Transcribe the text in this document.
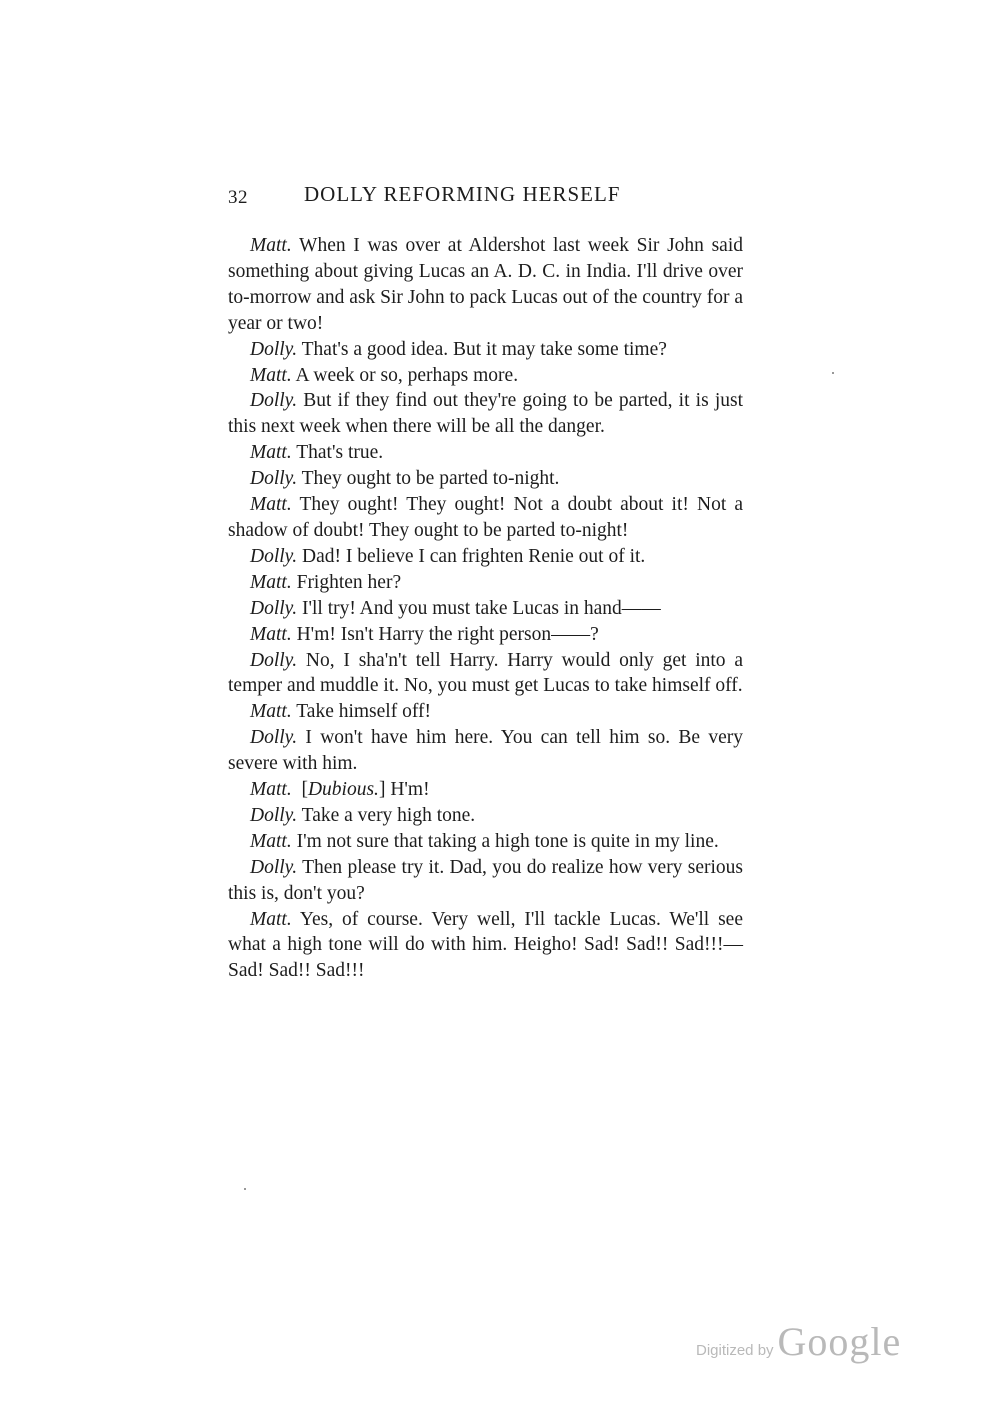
32	DOLLY REFORMING HERSELF

Matt. When I was over at Aldershot last week Sir John said something about giving Lucas an A. D. C. in India. I'll drive over to-morrow and ask Sir John to pack Lucas out of the country for a year or two!

Dolly. That's a good idea. But it may take some time?

Matt. A week or so, perhaps more.

Dolly. But if they find out they're going to be parted, it is just this next week when there will be all the danger.

Matt. That's true.

Dolly. They ought to be parted to-night.

Matt. They ought! They ought! Not a doubt about it! Not a shadow of doubt! They ought to be parted to-night!

Dolly. Dad! I believe I can frighten Renie out of it.

Matt. Frighten her?

Dolly. I'll try! And you must take Lucas in hand——

Matt. H'm! Isn't Harry the right person——?

Dolly. No, I sha'n't tell Harry. Harry would only get into a temper and muddle it. No, you must get Lucas to take himself off.

Matt. Take himself off!

Dolly. I won't have him here. You can tell him so. Be very severe with him.

Matt. [Dubious.] H'm!

Dolly. Take a very high tone.

Matt. I'm not sure that taking a high tone is quite in my line.

Dolly. Then please try it. Dad, you do realize how very serious this is, don't you?

Matt. Yes, of course. Very well, I'll tackle Lucas. We'll see what a high tone will do with him. Heigho! Sad! Sad!! Sad!!!—Sad! Sad!! Sad!!!

Digitized by Google
